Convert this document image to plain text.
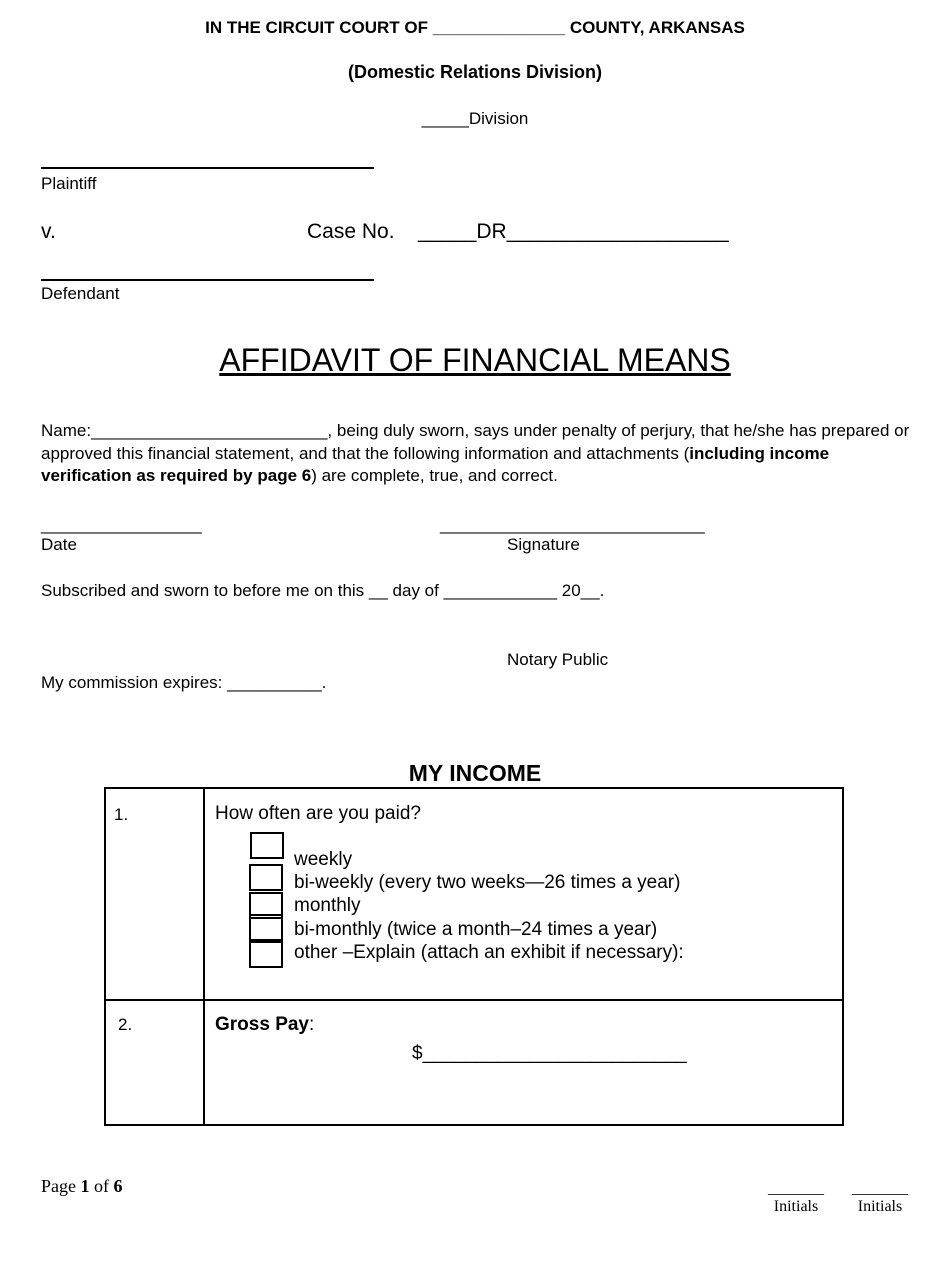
IN THE CIRCUIT COURT OF ______________ COUNTY, ARKANSAS
(Domestic Relations Division)
_____Division
Plaintiff
v.	Case No. _____DR___________________
Defendant
AFFIDAVIT OF FINANCIAL MEANS
Name:_________________________, being duly sworn, says under penalty of perjury, that he/she has prepared or approved this financial statement, and that the following information and attachments (including income verification as required by page 6) are complete, true, and correct.
_________________
Date
____________________________
Signature
Subscribed and sworn to before me on this __ day of ____________ 20__.
Notary Public
My commission expires: __________.
MY INCOME
1.	How often are you paid?
weekly
bi-weekly (every two weeks—26 times a year)
monthly
bi-monthly (twice a month–24 times a year)
other –Explain (attach an exhibit if necessary):
2.	Gross Pay:
$_________________________
Page 1 of 6	_______
Initials
_______
Initials
